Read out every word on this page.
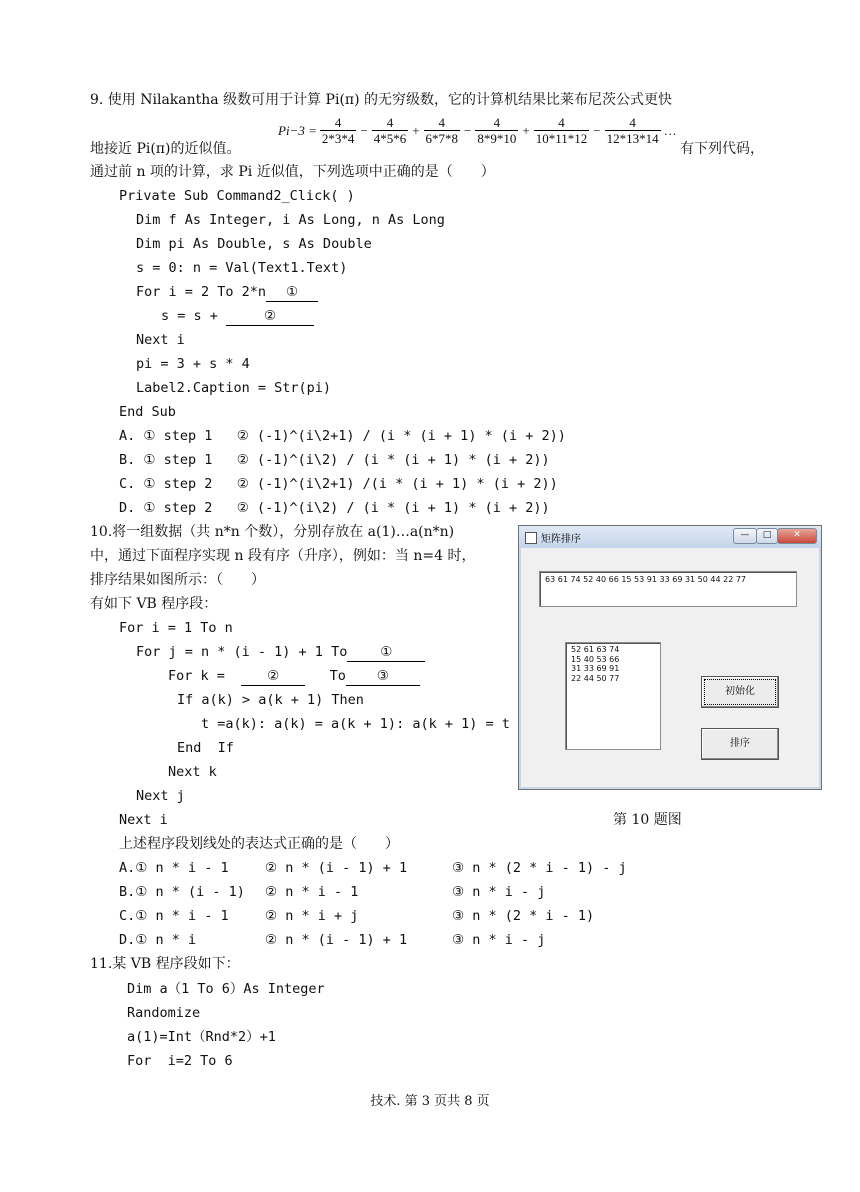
9. 使用 Nilakantha 级数可用于计算 Pi(π) 的无穷级数，它的计算机结果比莱布尼茨公式更快
$Pi-3 = \frac{4}{2*3*4} - \frac{4}{4*5*6} + \frac{4}{6*7*8} - \frac{4}{8*9*10} + \frac{4}{10*11*12} - \frac{4}{12*13*14}$ …
地接近 Pi(π)的近似值。	有下列代码，
通过前 n 项的计算，求 Pi 近似值，下列选项中正确的是（　　）
Private Sub Command2_Click( )
Dim f As Integer, i As Long, n As Long
Dim pi As Double, s As Double
s = 0: n = Val(Text1.Text)
For i = 2 To 2*n ①
s = s +	②
Next i
pi = 3 + s * 4
Label2.Caption = Str(pi)
End Sub
A. ① step 1   ② (-1)^(i\2+1) / (i * (i + 1) * (i + 2))
B. ① step 1   ② (-1)^(i\2) / (i * (i + 1) * (i + 2))
C. ① step 2   ② (-1)^(i\2+1) /(i * (i + 1) * (i + 2))
D. ① step 2   ② (-1)^(i\2) / (i * (i + 1) * (i + 2))
10.将一组数据（共 n*n 个数），分别存放在 a(1)…a(n*n)
中，通过下面程序实现 n 段有序（升序），例如：当 n=4 时，
排序结果如图所示：（　　）
有如下 VB 程序段：
For i = 1 To n
For j = n * (i - 1) + 1 To ①
For k =	②	To ③
If a(k) > a(k + 1) Then
t =a(k): a(k) = a(k + 1): a(k + 1) = t
End  If
Next k
Next j
Next i	第 10 题图
矩阵排序	—	□	✕
63 61 74 52 40 66 15 53 91 33 69 31 50 44 22 77
52 61 63 74
15 40 53 66
31 33 69 91
22 44 50 77
初始化
排序
上述程序段划线处的表达式正确的是（　　）
A.① n * i - 1	② n * (i - 1) + 1	③ n * (2 * i - 1) - j
B.① n * (i - 1) ② n * i - 1	③ n * i - j
C.① n * i - 1	② n * i + j	③ n * (2 * i - 1)
D.① n * i	② n * (i - 1) + 1	③ n * i - j
11.某 VB 程序段如下：
Dim a（1 To 6）As Integer
Randomize
a(1)=Int（Rnd*2）+1
For  i=2 To 6
技术. 第 3 页共 8 页
